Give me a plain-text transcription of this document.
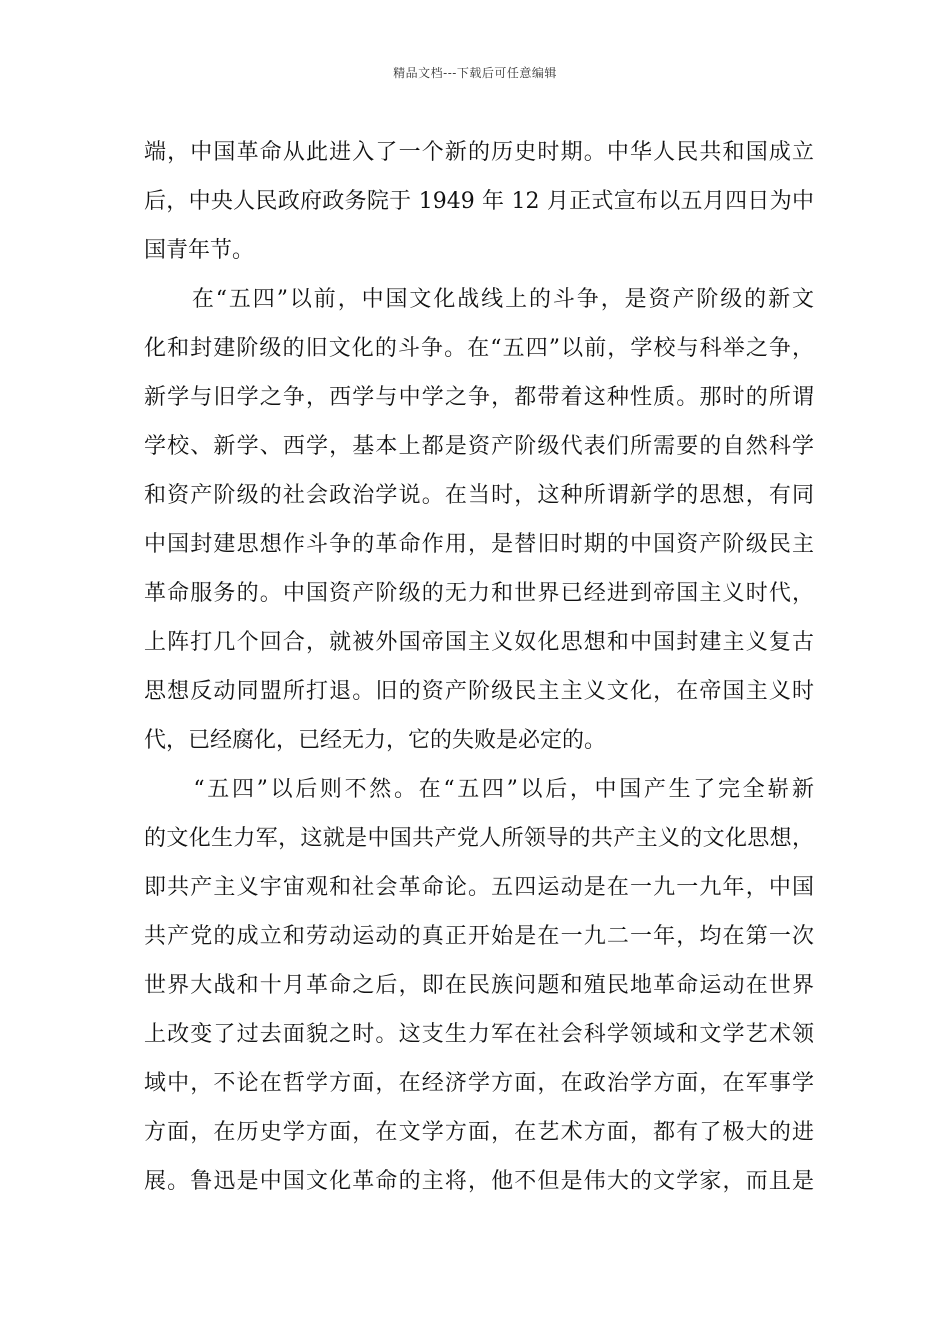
精品文档---下载后可任意编辑
端，中国革命从此进入了一个新的历史时期。中华人民共和国成立
后，中央人民政府政务院于 1949 年 12 月正式宣布以五月四日为中
国青年节。
　　在“五四”以前，中国文化战线上的斗争，是资产阶级的新文
化和封建阶级的旧文化的斗争。在“五四”以前，学校与科举之争，
新学与旧学之争，西学与中学之争，都带着这种性质。那时的所谓
学校、新学、西学，基本上都是资产阶级代表们所需要的自然科学
和资产阶级的社会政治学说。在当时，这种所谓新学的思想，有同
中国封建思想作斗争的革命作用，是替旧时期的中国资产阶级民主
革命服务的。中国资产阶级的无力和世界已经进到帝国主义时代，
上阵打几个回合，就被外国帝国主义奴化思想和中国封建主义复古
思想反动同盟所打退。旧的资产阶级民主主义文化，在帝国主义时
代，已经腐化，已经无力，它的失败是必定的。
　　“五四”以后则不然。在“五四”以后，中国产生了完全崭新
的文化生力军，这就是中国共产党人所领导的共产主义的文化思想，
即共产主义宇宙观和社会革命论。五四运动是在一九一九年，中国
共产党的成立和劳动运动的真正开始是在一九二一年，均在第一次
世界大战和十月革命之后，即在民族问题和殖民地革命运动在世界
上改变了过去面貌之时。这支生力军在社会科学领域和文学艺术领
域中，不论在哲学方面，在经济学方面，在政治学方面，在军事学
方面，在历史学方面，在文学方面，在艺术方面，都有了极大的进
展。鲁迅是中国文化革命的主将，他不但是伟大的文学家，而且是
